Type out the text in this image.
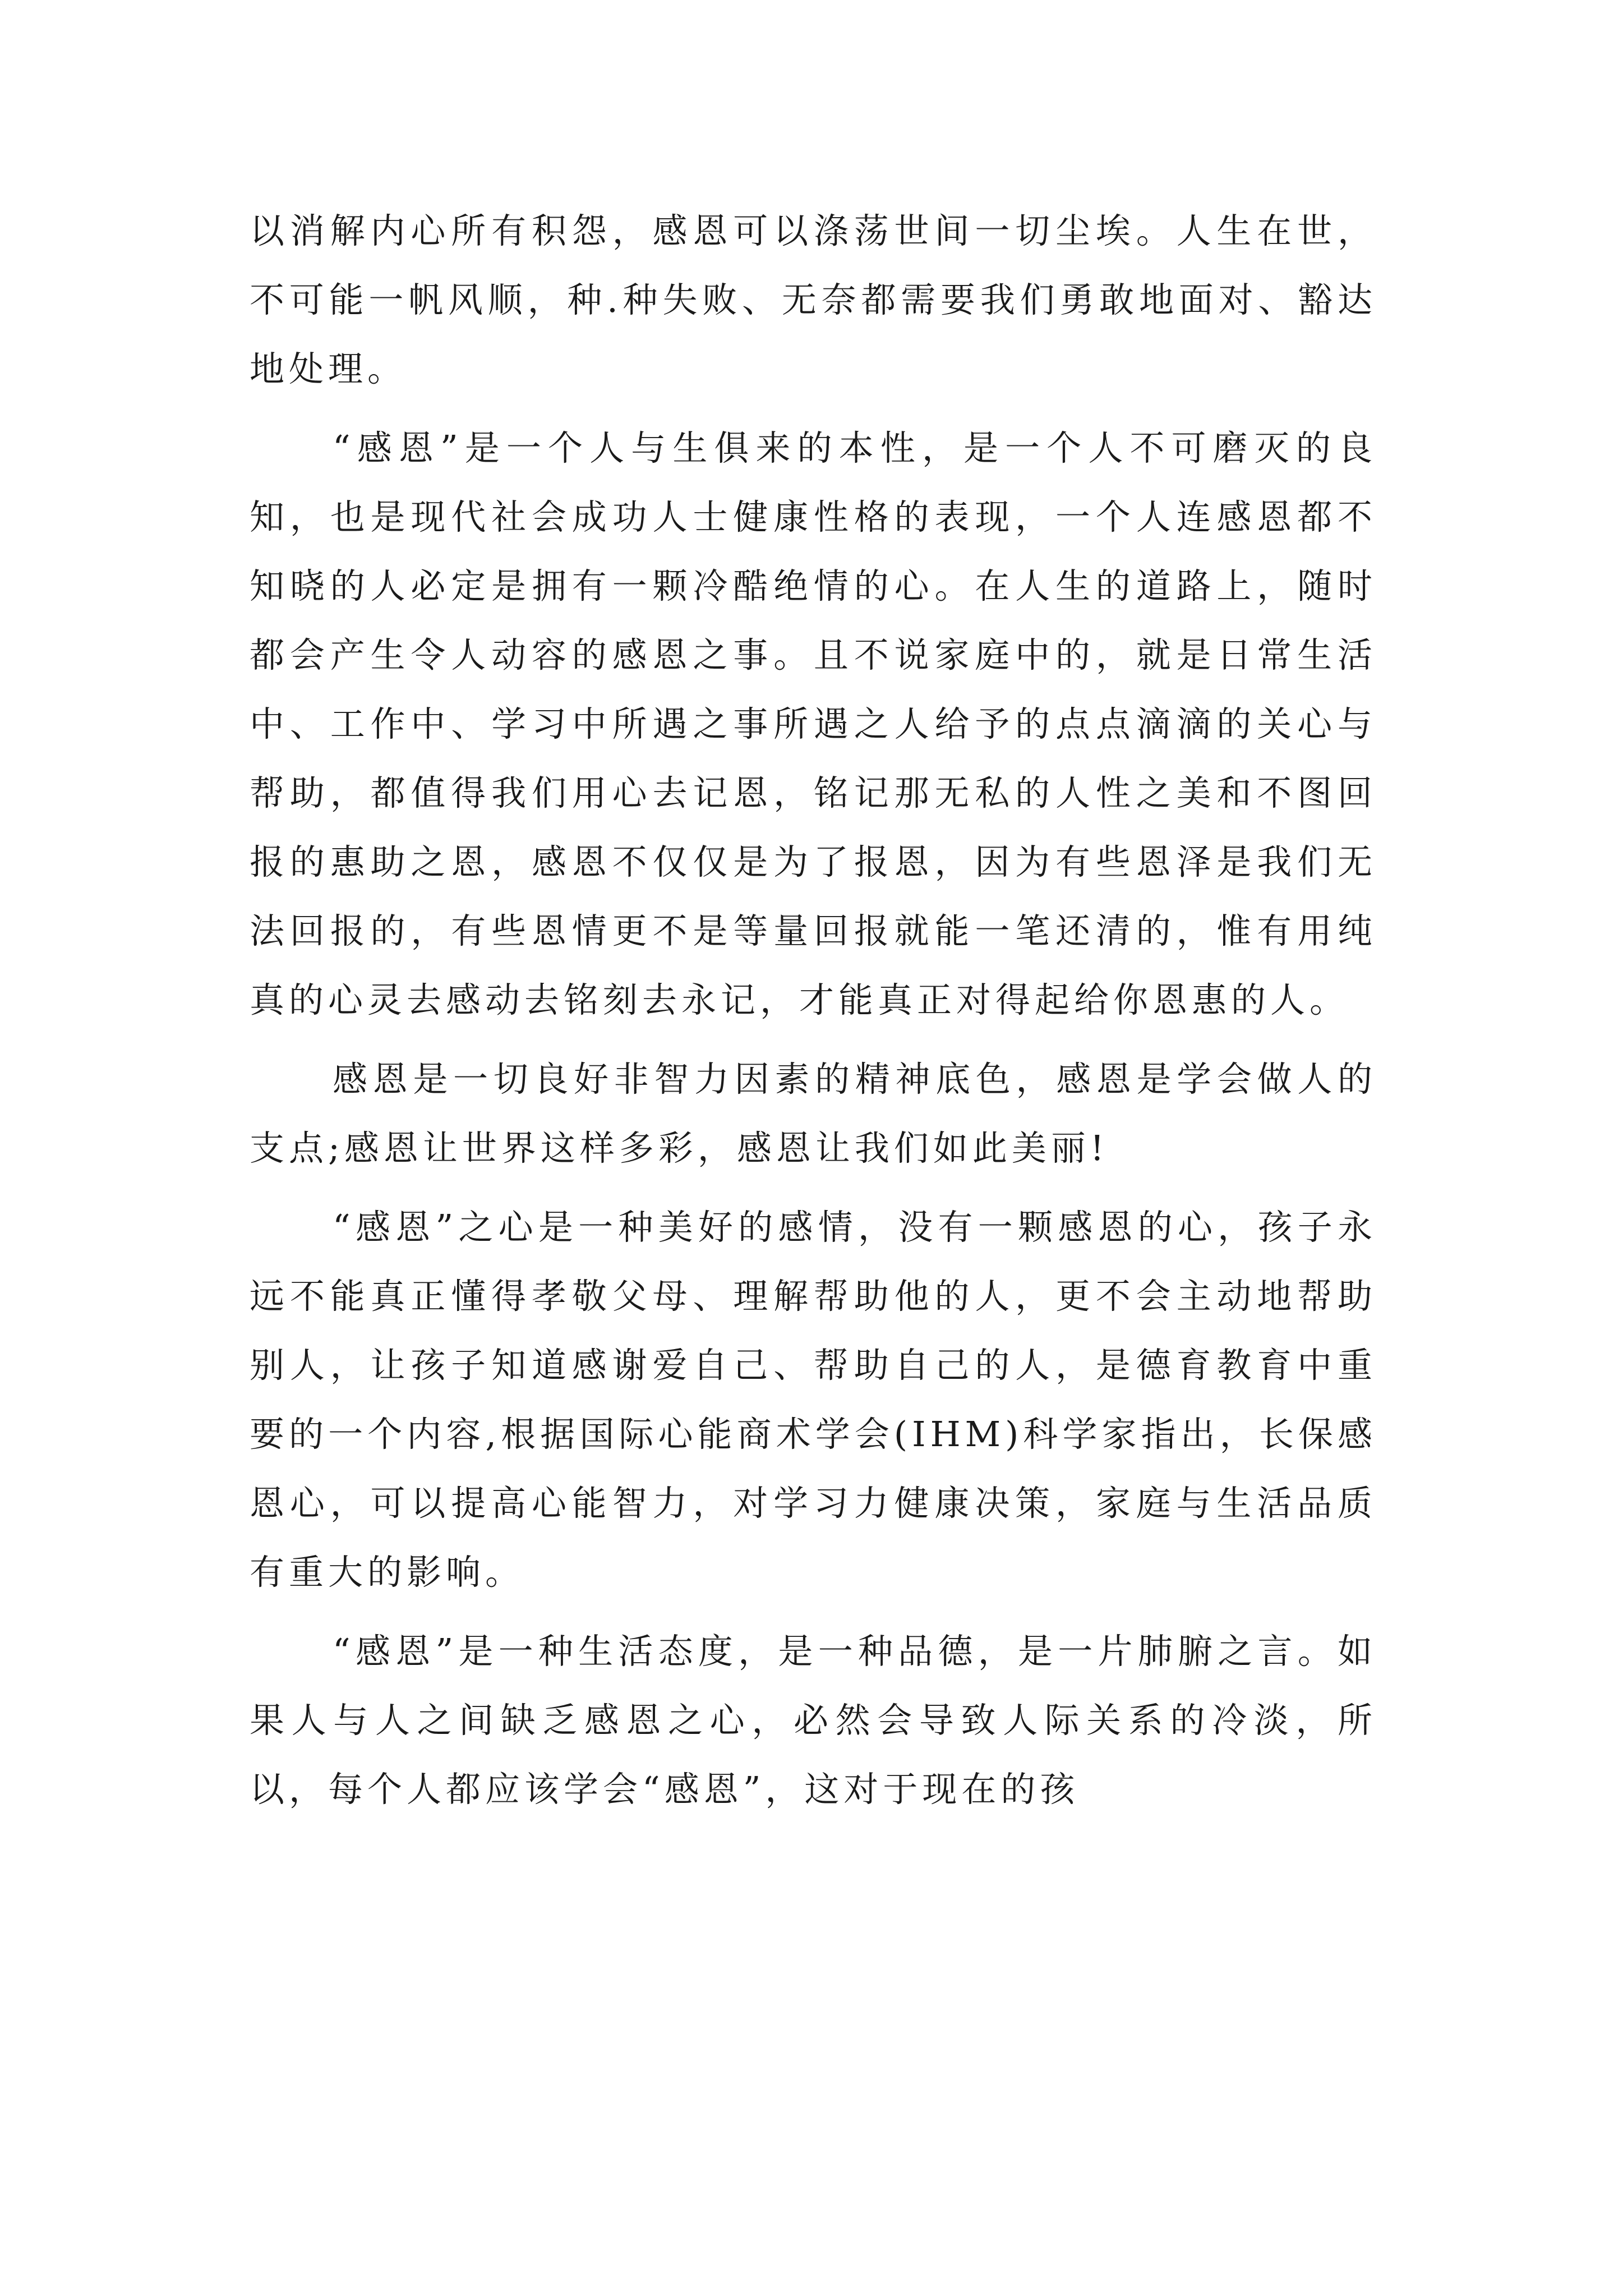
以消解内心所有积怨，感恩可以涤荡世间一切尘埃。人生在世，不可能一帆风顺，种.种失败、无奈都需要我们勇敢地面对、豁达地处理。

“感恩”是一个人与生俱来的本性，是一个人不可磨灭的良知，也是现代社会成功人士健康性格的表现，一个人连感恩都不知晓的人必定是拥有一颗冷酷绝情的心。在人生的道路上，随时都会产生令人动容的感恩之事。且不说家庭中的，就是日常生活中、工作中、学习中所遇之事所遇之人给予的点点滴滴的关心与帮助，都值得我们用心去记恩，铭记那无私的人性之美和不图回报的惠助之恩，感恩不仅仅是为了报恩，因为有些恩泽是我们无法回报的，有些恩情更不是等量回报就能一笔还清的，惟有用纯真的心灵去感动去铭刻去永记，才能真正对得起给你恩惠的人。

感恩是一切良好非智力因素的精神底色，感恩是学会做人的支点;感恩让世界这样多彩，感恩让我们如此美丽!

“感恩”之心是一种美好的感情，没有一颗感恩的心，孩子永远不能真正懂得孝敬父母、理解帮助他的人，更不会主动地帮助别人，让孩子知道感谢爱自己、帮助自己的人，是德育教育中重要的一个内容,根据国际心能商术学会(IHM)科学家指出，长保感恩心，可以提高心能智力，对学习力健康决策，家庭与生活品质有重大的影响。

“感恩”是一种生活态度，是一种品德，是一片肺腑之言。如果人与人之间缺乏感恩之心，必然会导致人际关系的冷淡，所以，每个人都应该学会“感恩”，这对于现在的孩
